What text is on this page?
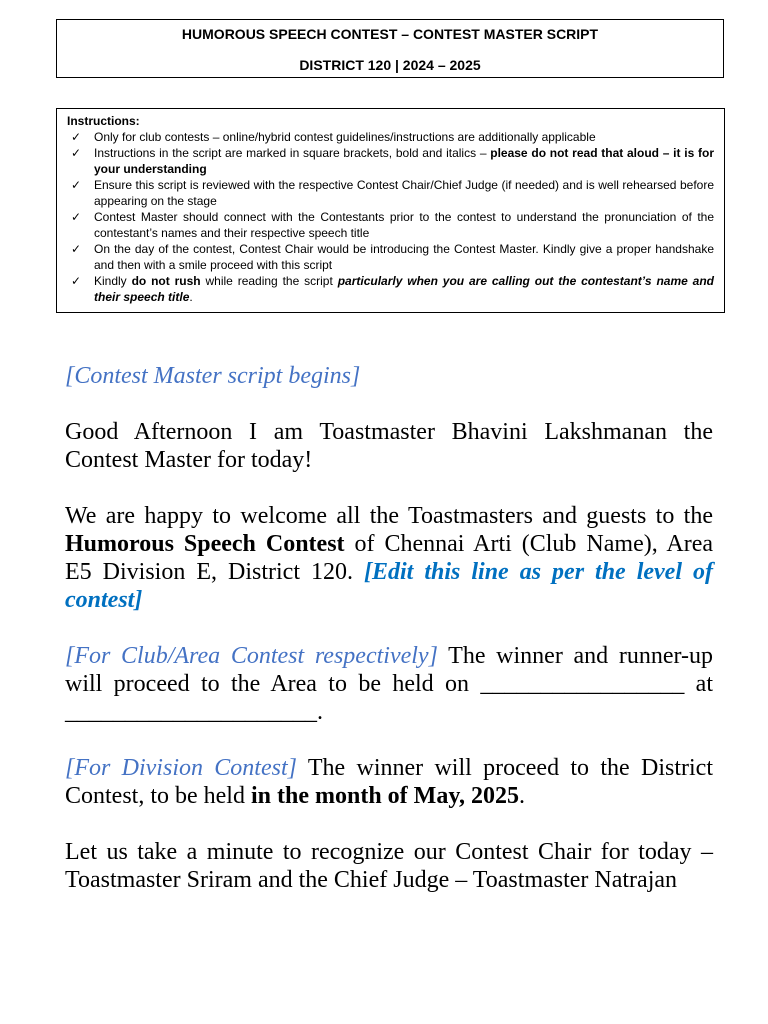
HUMOROUS SPEECH CONTEST – CONTEST MASTER SCRIPT
DISTRICT 120 | 2024 – 2025
Instructions:
✓ Only for club contests – online/hybrid contest guidelines/instructions are additionally applicable
✓ Instructions in the script are marked in square brackets, bold and italics – please do not read that aloud – it is for your understanding
✓ Ensure this script is reviewed with the respective Contest Chair/Chief Judge (if needed) and is well rehearsed before appearing on the stage
✓ Contest Master should connect with the Contestants prior to the contest to understand the pronunciation of the contestant’s names and their respective speech title
✓ On the day of the contest, Contest Chair would be introducing the Contest Master. Kindly give a proper handshake and then with a smile proceed with this script
✓ Kindly do not rush while reading the script particularly when you are calling out the contestant’s name and their speech title.
[Contest Master script begins]
Good Afternoon I am Toastmaster Bhavini Lakshmanan the Contest Master for today!
We are happy to welcome all the Toastmasters and guests to the Humorous Speech Contest of Chennai Arti (Club Name), Area E5 Division E, District 120. [Edit this line as per the level of contest]
[For Club/Area Contest respectively] The winner and runner-up will proceed to the Area to be held on _________________ at _____________________.
[For Division Contest] The winner will proceed to the District Contest, to be held in the month of May, 2025.
Let us take a minute to recognize our Contest Chair for today – Toastmaster Sriram and the Chief Judge – Toastmaster Natrajan
